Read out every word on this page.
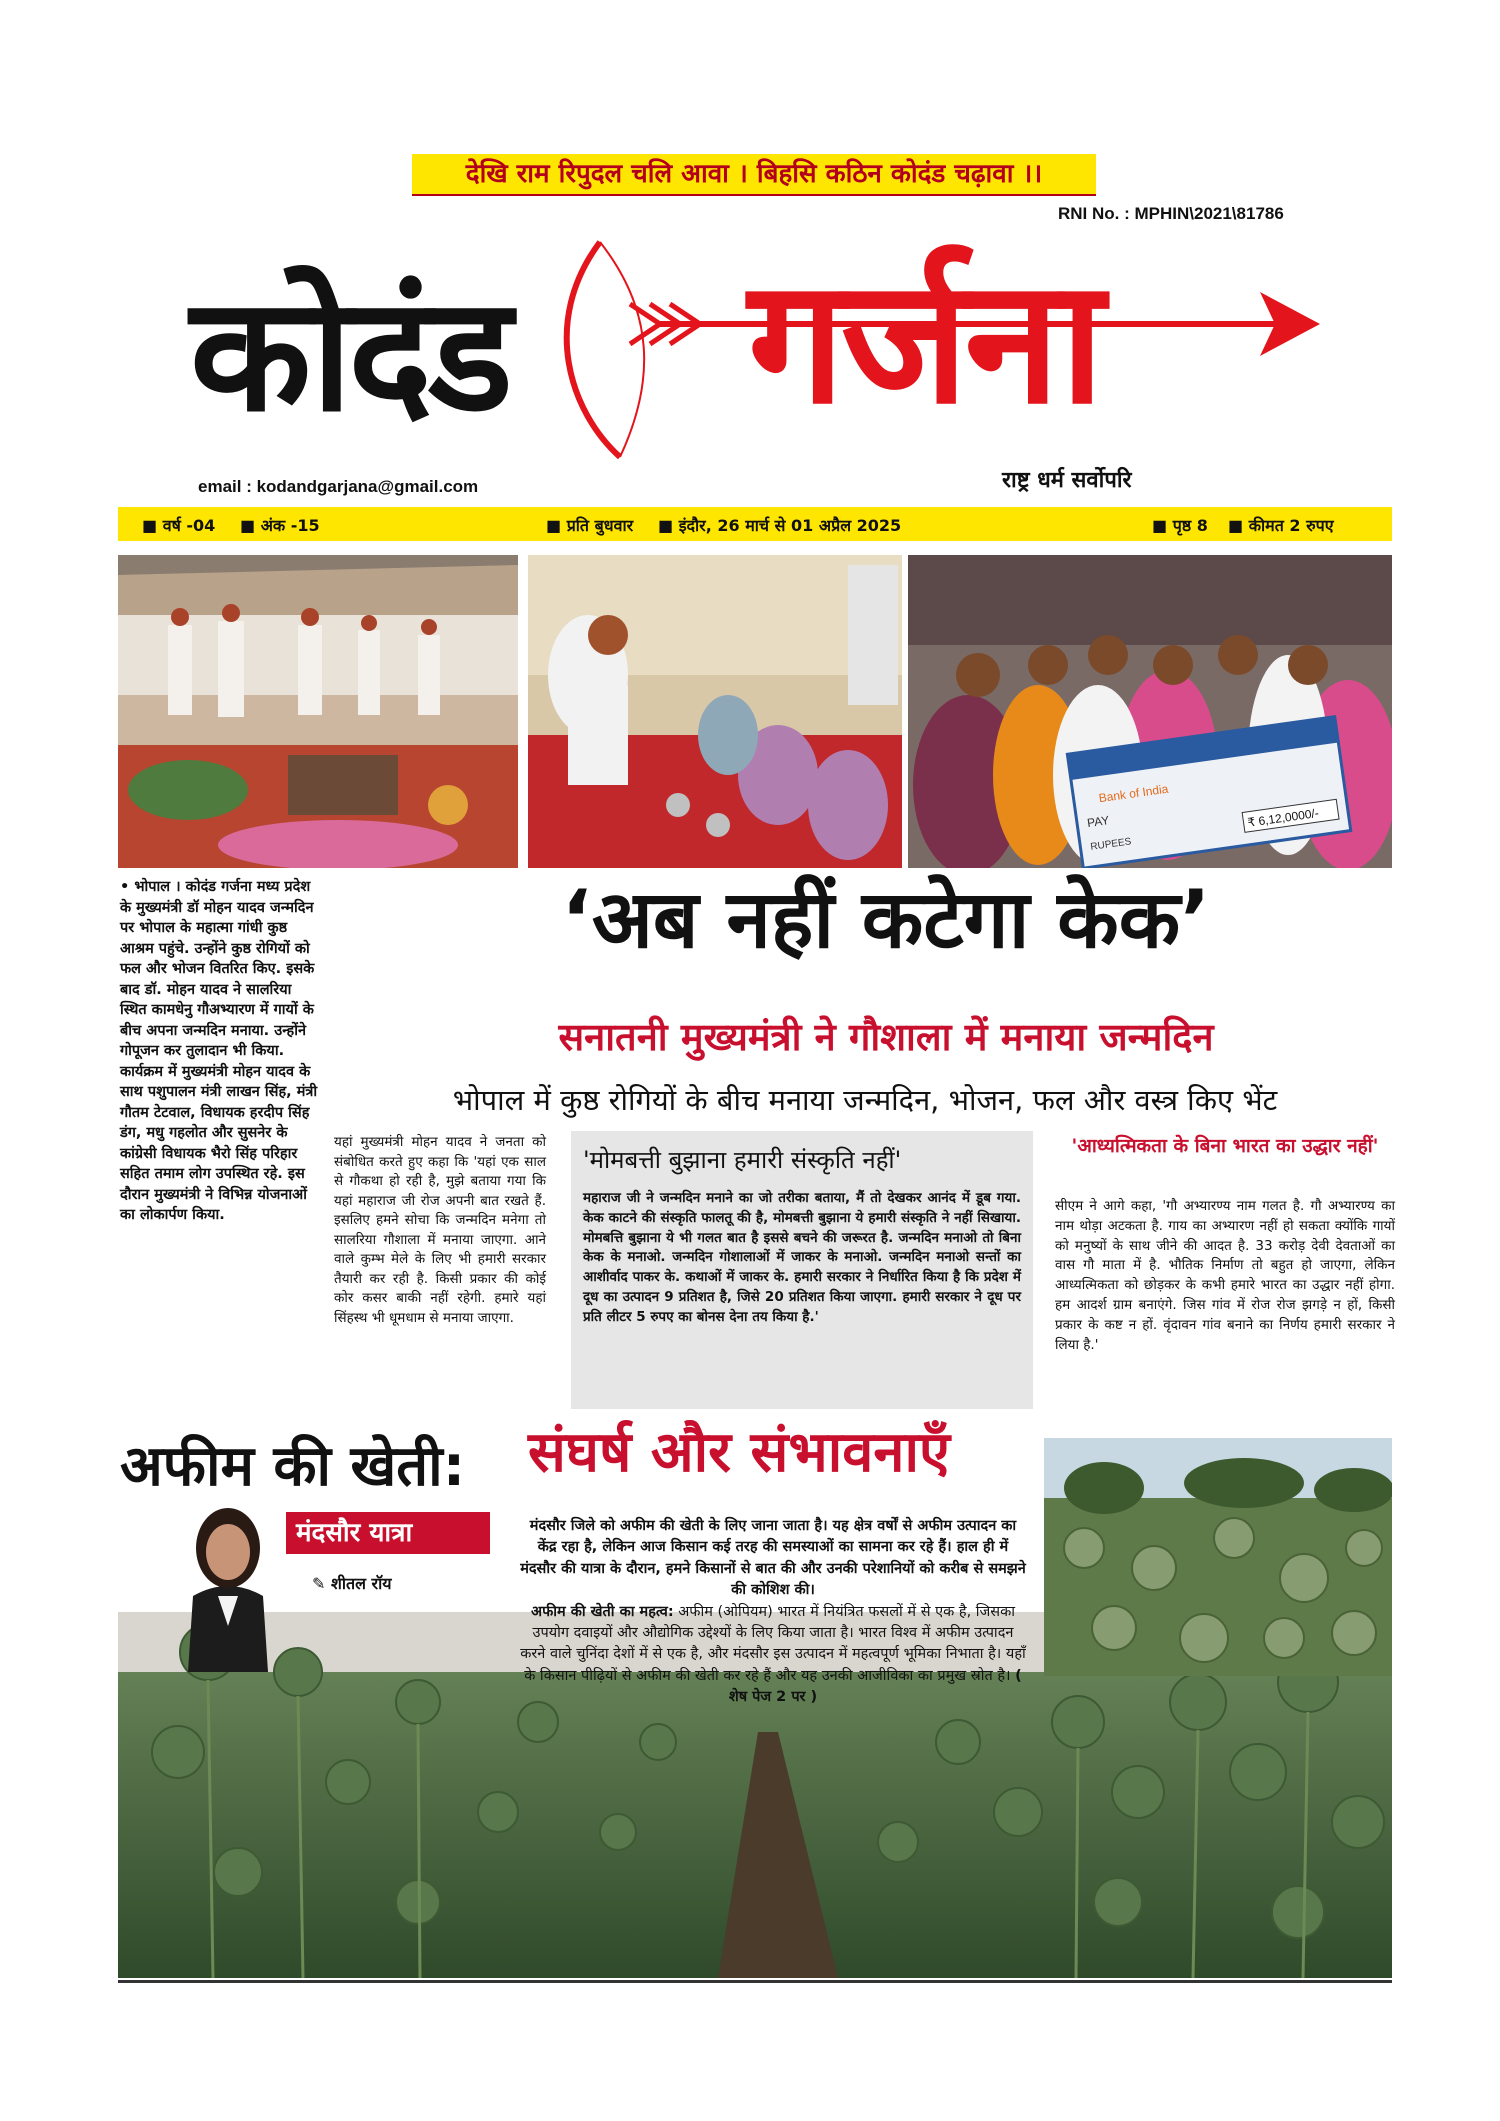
देखि राम रिपुदल चलि आवा । बिहसि कठिन कोदंड चढ़ावा ।।
RNI No. : MPHIN\2021\81786
कोदंड गर्जना
email : kodandgarjana@gmail.com	राष्ट्र धर्म सर्वोपरि
■ वर्ष -04 ■ अंक -15	■ प्रति बुधवार ■ इंदौर, 26 मार्च से 01 अप्रैल 2025	■ पृष्ठ 8 ■ कीमत 2 रुपए
Bank of India
PAY
RUPEES
₹ 6,12,0000/-
• भोपाल । कोदंड गर्जना मध्य प्रदेश के मुख्यमंत्री डॉ मोहन यादव जन्मदिन पर भोपाल के महात्मा गांधी कुष्ठ आश्रम पहुंचे. उन्होंने कुष्ठ रोगियों को फल और भोजन वितरित किए. इसके बाद डॉ. मोहन यादव ने सालरिया स्थित कामधेनु गौअभ्यारण में गायों के बीच अपना जन्मदिन मनाया. उन्होंने गोपूजन कर तुलादान भी किया. कार्यक्रम में मुख्यमंत्री मोहन यादव के साथ पशुपालन मंत्री लाखन सिंह, मंत्री गौतम टेटवाल, विधायक हरदीप सिंह डंग, मधु गहलोत और सुसनेर के कांग्रेसी विधायक भैरो सिंह परिहार सहित तमाम लोग उपस्थित रहे. इस दौरान मुख्यमंत्री ने विभिन्न योजनाओं का लोकार्पण किया.
‘अब नहीं कटेगा केक’
सनातनी मुख्यमंत्री ने गौशाला में मनाया जन्मदिन
भोपाल में कुष्ठ रोगियों के बीच मनाया जन्मदिन, भोजन, फल और वस्त्र किए भेंट
यहां मुख्यमंत्री मोहन यादव ने जनता को संबोधित करते हुए कहा कि 'यहां एक साल से गौकथा हो रही है, मुझे बताया गया कि यहां महाराज जी रोज अपनी बात रखते हैं. इसलिए हमने सोचा कि जन्मदिन मनेगा तो सालरिया गौशाला में मनाया जाएगा. आने वाले कुम्भ मेले के लिए भी हमारी सरकार तैयारी कर रही है. किसी प्रकार की कोई कोर कसर बाकी नहीं रहेगी. हमारे यहां सिंहस्थ भी धूमधाम से मनाया जाएगा.
'मोमबत्ती बुझाना हमारी संस्कृति नहीं'
महाराज जी ने जन्मदिन मनाने का जो तरीका बताया, मैं तो देखकर आनंद में डूब गया. केक काटने की संस्कृति फालतू की है, मोमबत्ती बुझाना ये हमारी संस्कृति ने नहीं सिखाया. मोमबत्ति बुझाना ये भी गलत बात है इससे बचने की जरूरत है. जन्मदिन मनाओ तो बिना केक के मनाओ. जन्मदिन गोशालाओं में जाकर के मनाओ. जन्मदिन मनाओ सन्तों का आशीर्वाद पाकर के. कथाओं में जाकर के. हमारी सरकार ने निर्धारित किया है कि प्रदेश में दूध का उत्पादन 9 प्रतिशत है, जिसे 20 प्रतिशत किया जाएगा. हमारी सरकार ने दूध पर प्रति लीटर 5 रुपए का बोनस देना तय किया है.'
'आध्यत्मिकता के बिना भारत का उद्धार नहीं'
सीएम ने आगे कहा, 'गौ अभ्यारण्य नाम गलत है. गौ अभ्यारण्य का नाम थोड़ा अटकता है. गाय का अभ्यारण नहीं हो सकता क्योंकि गायों को मनुष्यों के साथ जीने की आदत है. 33 करोड़ देवी देवताओं का वास गौ माता में है. भौतिक निर्माण तो बहुत हो जाएगा, लेकिन आध्यत्मिकता को छोड़कर के कभी हमारे भारत का उद्धार नहीं होगा. हम आदर्श ग्राम बनाएंगे. जिस गांव में रोज रोज झगड़े न हों, किसी प्रकार के कष्ट न हों. वृंदावन गांव बनाने का निर्णय हमारी सरकार ने लिया है.'
अफीम की खेती: संघर्ष और संभावनाएँ
मंदसौर यात्रा
✎ शीतल रॉय
मंदसौर जिले को अफीम की खेती के लिए जाना जाता है। यह क्षेत्र वर्षों से अफीम उत्पादन का केंद्र रहा है, लेकिन आज किसान कई तरह की समस्याओं का सामना कर रहे हैं। हाल ही में मंदसौर की यात्रा के दौरान, हमने किसानों से बात की और उनकी परेशानियों को करीब से समझने की कोशिश की।
अफीम की खेती का महत्व: अफीम (ओपियम) भारत में नियंत्रित फसलों में से एक है, जिसका उपयोग दवाइयों और औद्योगिक उद्देश्यों के लिए किया जाता है। भारत विश्व में अफीम उत्पादन करने वाले चुनिंदा देशों में से एक है, और मंदसौर इस उत्पादन में महत्वपूर्ण भूमिका निभाता है। यहाँ के किसान पीढ़ियों से अफीम की खेती कर रहे हैं और यह उनकी आजीविका का प्रमुख स्रोत है। ( शेष पेज 2 पर )
